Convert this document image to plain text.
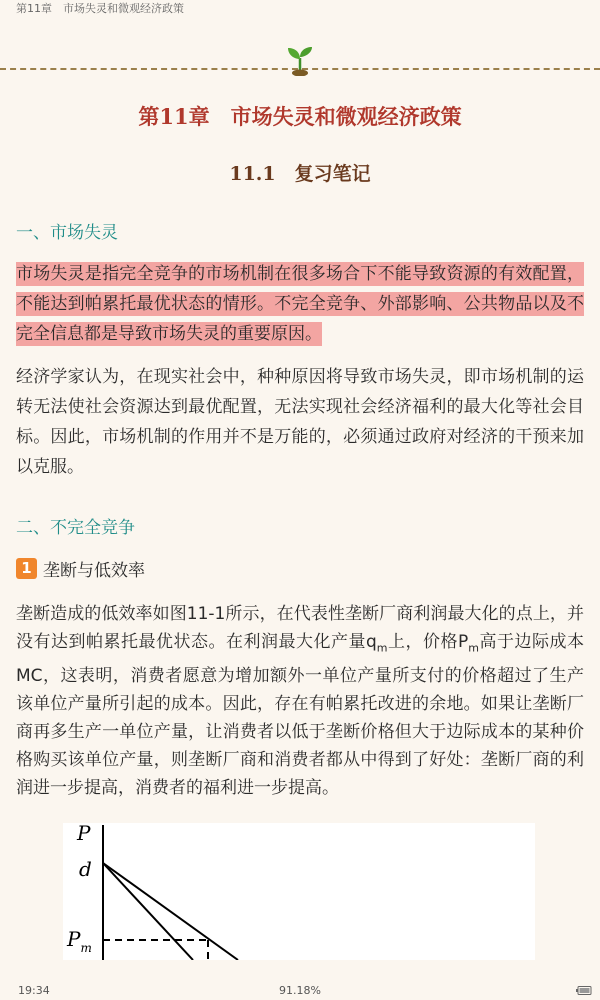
第11章　市场失灵和微观经济政策
第11章　市场失灵和微观经济政策
11.1　复习笔记
一、市场失灵
市场失灵是指完全竞争的市场机制在很多场合下不能导致资源的有效配置，不能达到帕累托最优状态的情形。不完全竞争、外部影响、公共物品以及不完全信息都是导致市场失灵的重要原因。
经济学家认为，在现实社会中，种种原因将导致市场失灵，即市场机制的运转无法使社会资源达到最优配置，无法实现社会经济福利的最大化等社会目标。因此，市场机制的作用并不是万能的，必须通过政府对经济的干预来加以克服。
二、不完全竞争
1 垄断与低效率
垄断造成的低效率如图11-1所示，在代表性垄断厂商利润最大化的点上，并没有达到帕累托最优状态。在利润最大化产量$q_m$上，价格$P_m$高于边际成本MC，这表明，消费者愿意为增加额外一单位产量所支付的价格超过了生产该单位产量所引起的成本。因此，存在有帕累托改进的余地。如果让垄断厂商再多生产一单位产量，让消费者以低于垄断价格但大于边际成本的某种价格购买该单位产量，则垄断厂商和消费者都从中得到了好处：垄断厂商的利润进一步提高，消费者的福利进一步提高。
P
d
$P_m$
19:34	91.18%
